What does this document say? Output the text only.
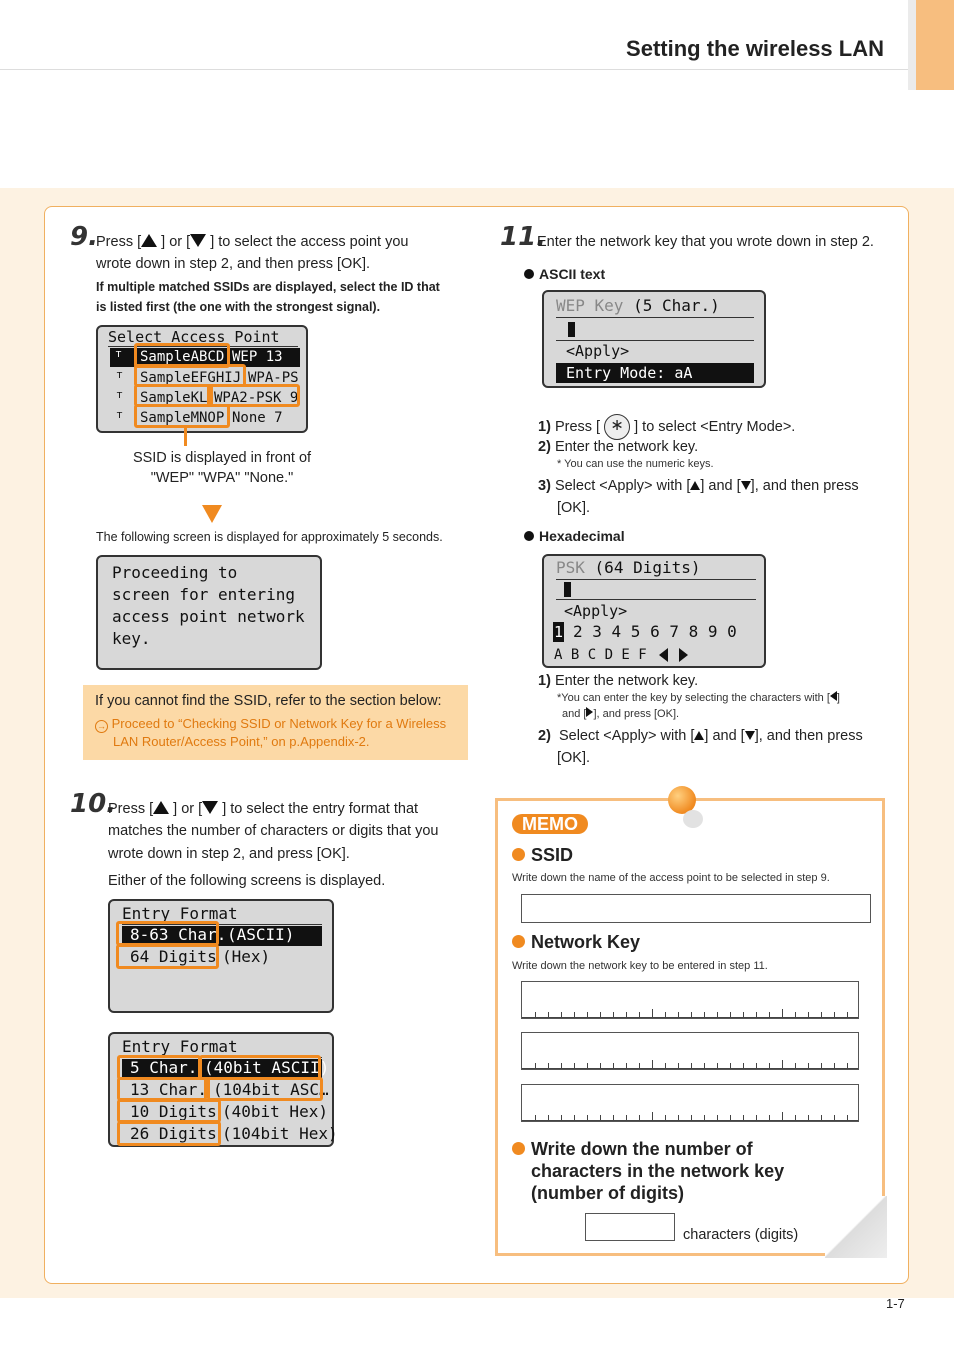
Setting the wireless LAN
9.
Press [ ] or [ ] to select the access point you
wrote down in step 2, and then press [OK].
If multiple matched SSIDs are displayed, select the ID that
is listed first (the one with the strongest signal).
Select Access Point
ᵀ
ᵀ
ᵀ
ᵀ
SampleABCD WEP 13
SampleEFGHIJ WPA-PS
SampleKL WPA2-PSK 9
SampleMNOP None 7
SSID is displayed in front of
"WEP" "WPA" "None."
The following screen is displayed for approximately 5 seconds.
Proceeding to
screen for entering
access point network
key.
If you cannot find the SSID, refer to the section below:
→ Proceed to “Checking SSID or Network Key for a Wireless
LAN Router/Access Point,” on p.Appendix-2.
10.
Press [ ] or [ ] to select the entry format that
matches the number of characters or digits that you
wrote down in step 2, and press [OK].
Either of the following screens is displayed.
Entry Format
8-63 Char. (ASCII)
64 Digits (Hex)
Entry Format
5 Char. (40bit ASCII)
13 Char. (104bit ASC…
10 Digits (40bit Hex)
26 Digits (104bit Hex)
11.
Enter the network key that you wrote down in step 2.
ASCII text
WEP Key (5 Char.)
<Apply>
Entry Mode: aA
1) Press [ ∗ ] to select <Entry Mode>.
2) Enter the network key.
* You can use the numeric keys.
3) Select <Apply> with [ ] and [ ], and then press
[OK].
Hexadecimal
PSK (64 Digits)
<Apply>
1 2 3 4 5 6 7 8 9 0
A B C D E F
1) Enter the network key.
*You can enter the key by selecting the characters with [ ]
and [ ], and press [OK].
2) Select <Apply> with [ ] and [ ], and then press
[OK].
MEMO
SSID
Write down the name of the access point to be selected in step 9.
Network Key
Write down the network key to be entered in step 11.
Write down the number of
characters in the network key
(number of digits)
characters (digits)
1-7
